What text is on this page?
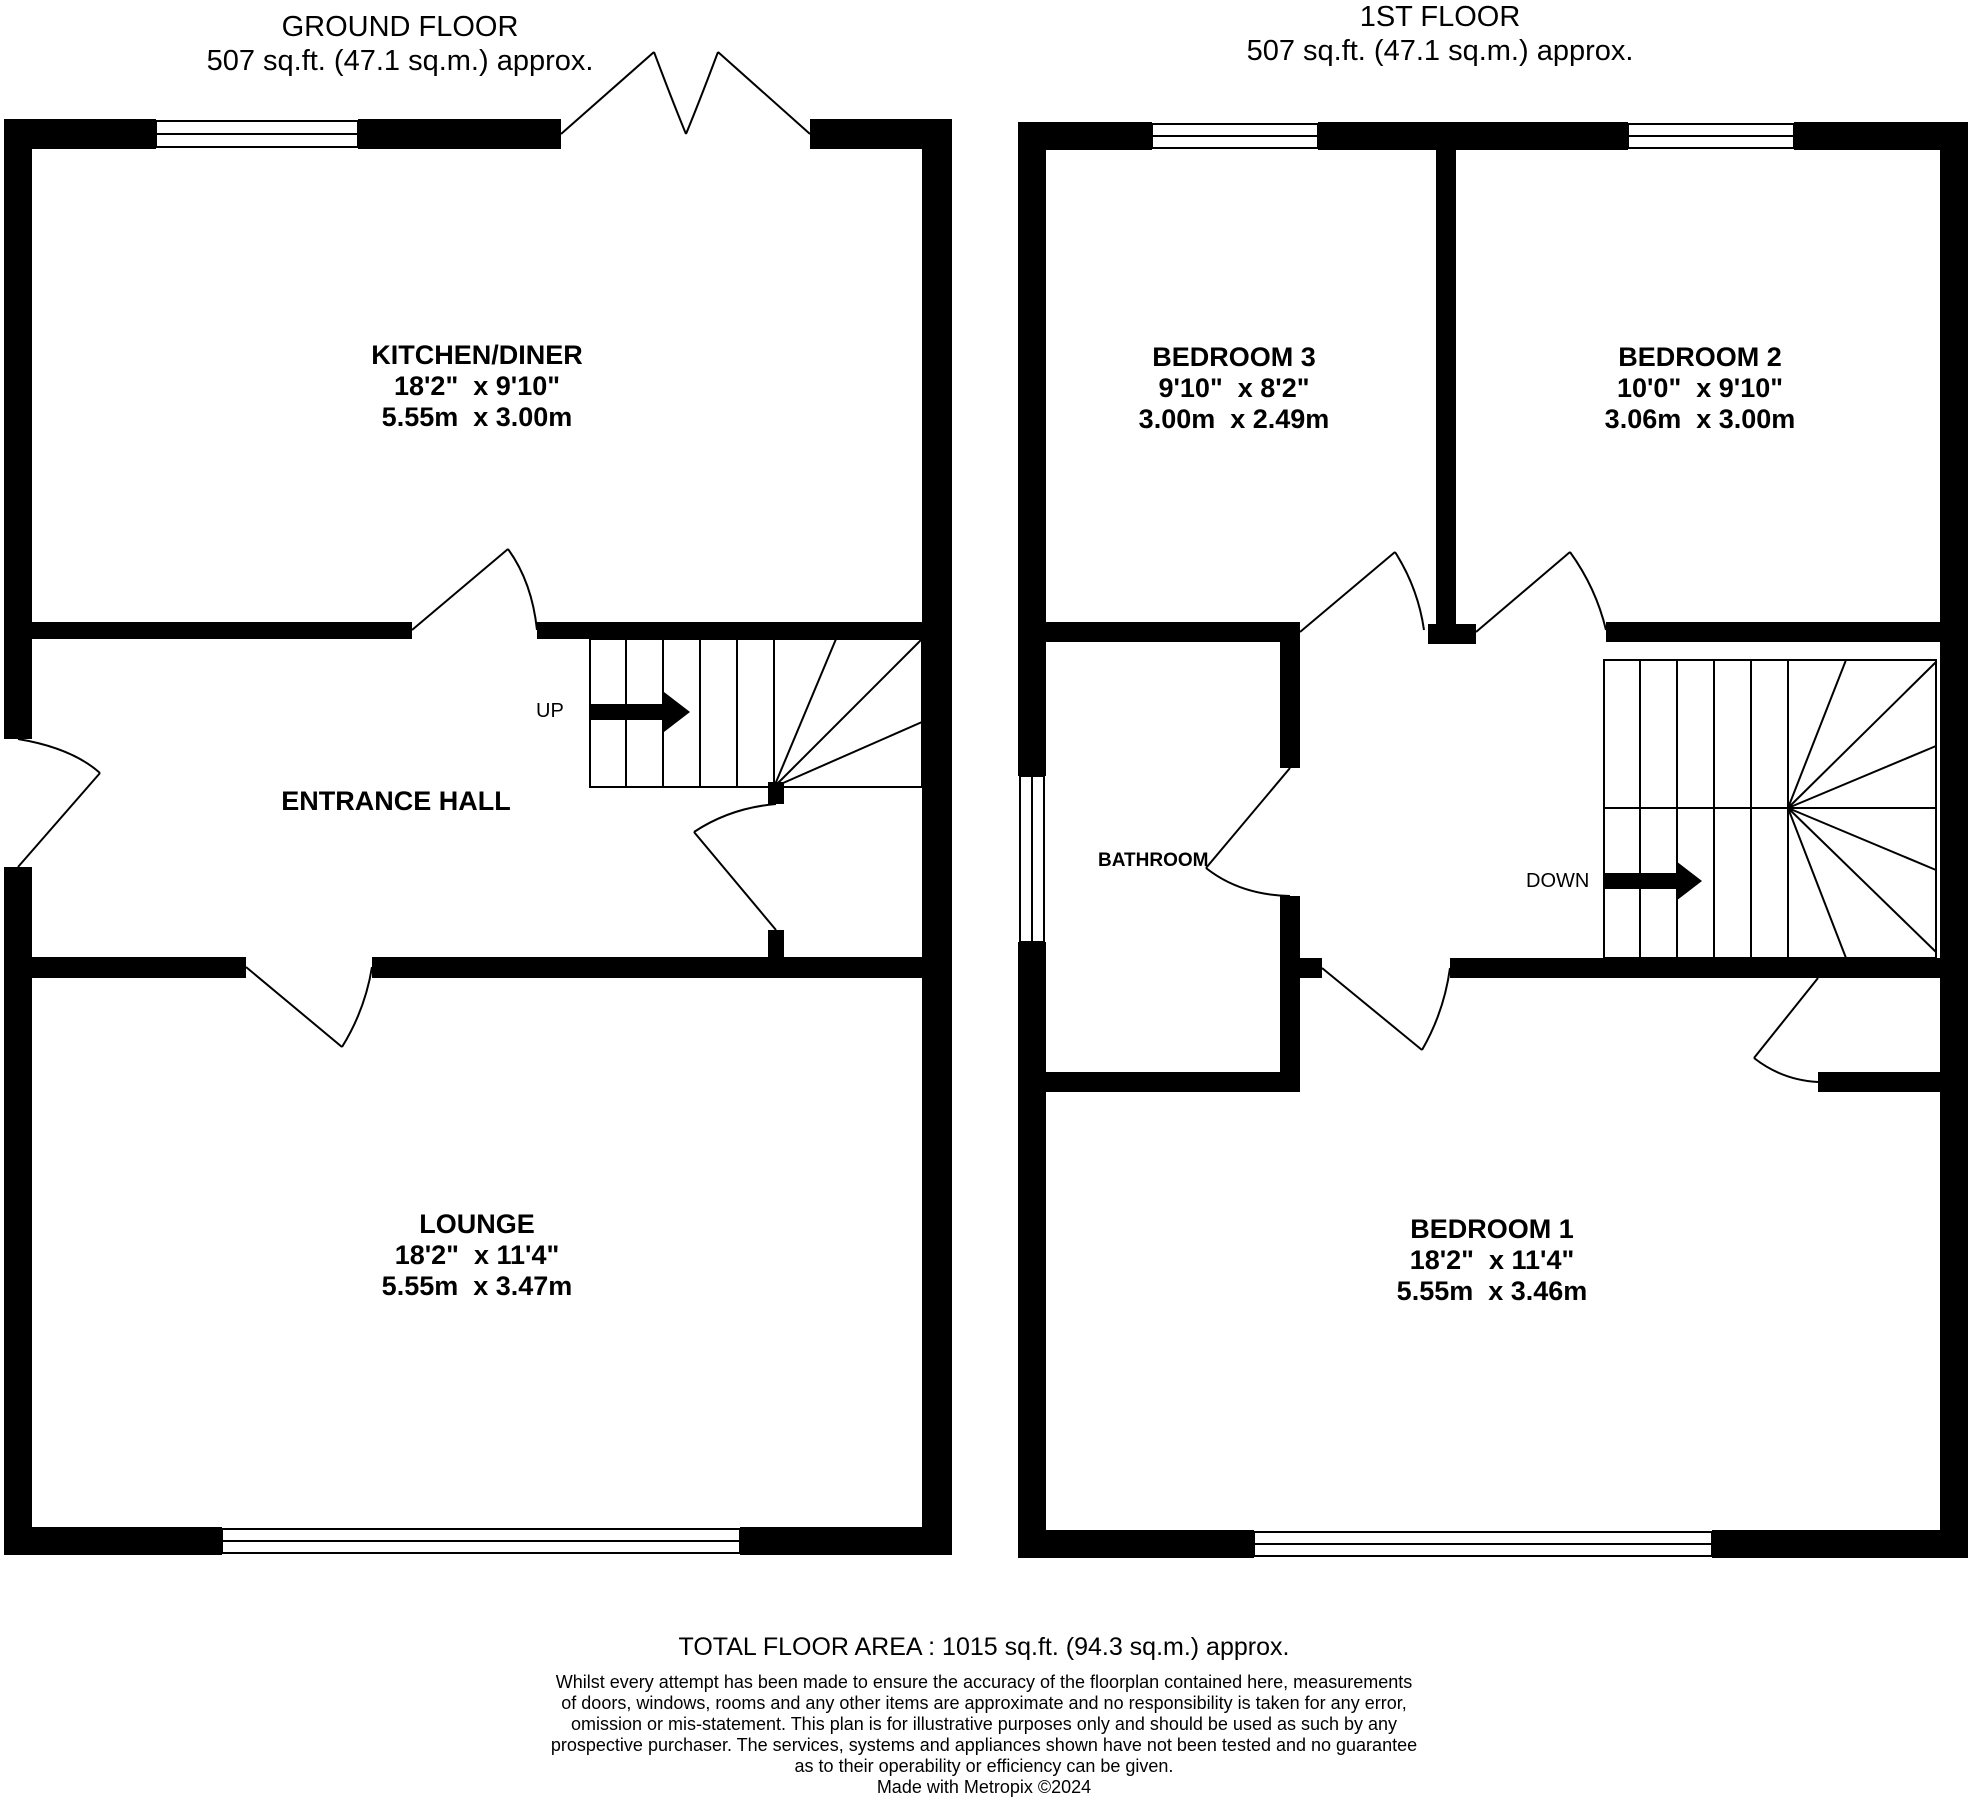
GROUND FLOOR
507 sq.ft. (47.1 sq.m.) approx.
1ST FLOOR
507 sq.ft. (47.1 sq.m.) approx.
KITCHEN/DINER
18'2"  x 9'10"
5.55m  x 3.00m
ENTRANCE HALL
LOUNGE
18'2"  x 11'4"
5.55m  x 3.47m
UP
BEDROOM 3
9'10"  x 8'2"
3.00m  x 2.49m
BEDROOM 2
10'0"  x 9'10"
3.06m  x 3.00m
BATHROOM
DOWN
BEDROOM 1
18'2"  x 11'4"
5.55m  x 3.46m
TOTAL FLOOR AREA : 1015 sq.ft. (94.3 sq.m.) approx.
Whilst every attempt has been made to ensure the accuracy of the floorplan contained here, measurements
of doors, windows, rooms and any other items are approximate and no responsibility is taken for any error,
omission or mis-statement. This plan is for illustrative purposes only and should be used as such by any
prospective purchaser. The services, systems and appliances shown have not been tested and no guarantee
as to their operability or efficiency can be given.
Made with Metropix ©2024
